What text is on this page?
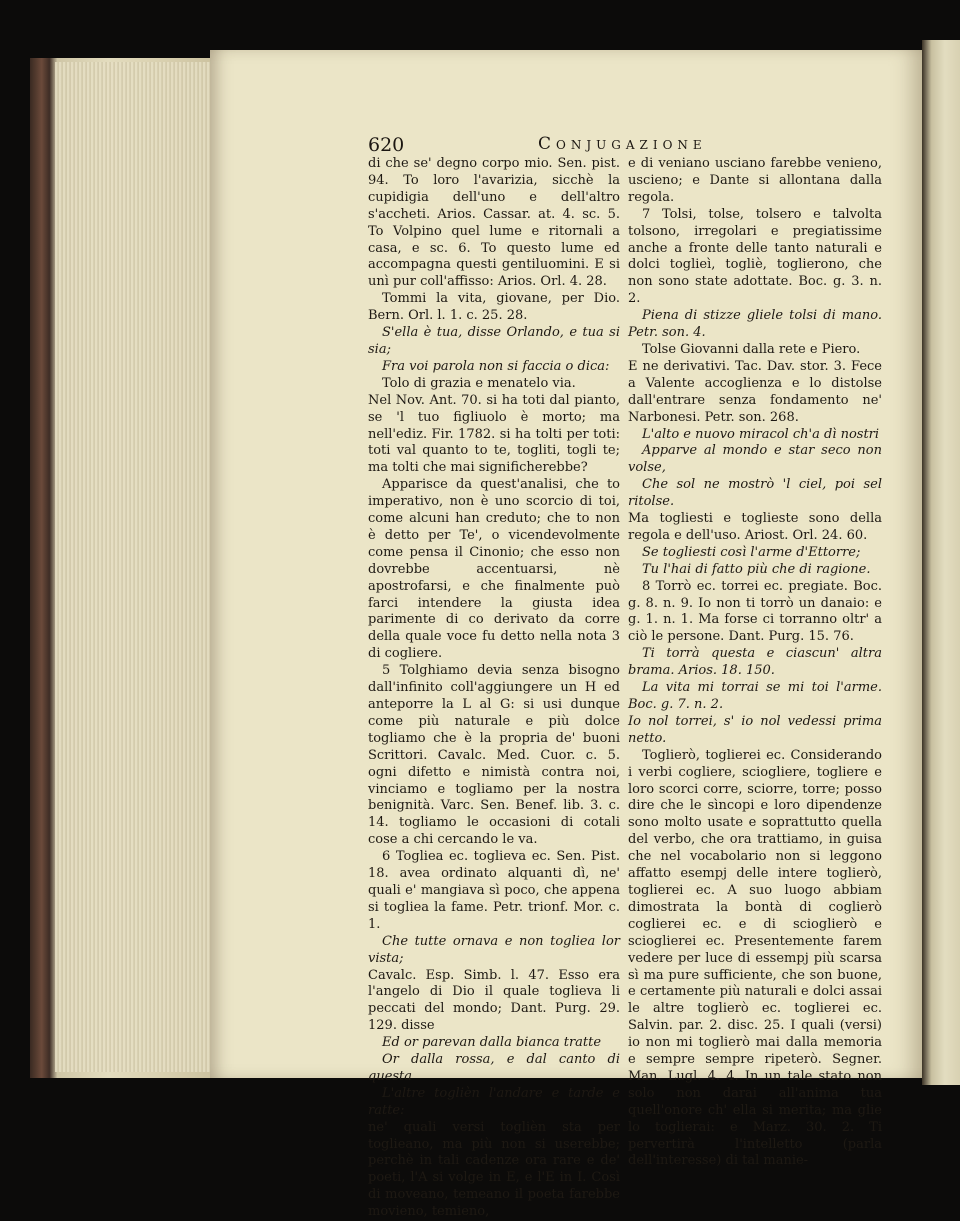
620	Conjugazione

di che se' degno corpo mio. Sen. pist. 94. To loro l'avarizia, sicchè la cupidigia dell'uno e dell'altro s'accheti. Arios. Cassar. at. 4. sc. 5. To Volpino quel lume e ritornali a casa, e sc. 6. To questo lume ed accompagna questi gentiluomini. E si unì pur coll'affisso: Arios. Orl. 4. 28.

Tommi la vita, giovane, per Dio. Bern. Orl. l. 1. c. 25. 28.

S'ella è tua, disse Orlando, e tua si sia;

Fra voi parola non si faccia o dica:

Tolo di grazia e menatelo via.

Nel Nov. Ant. 70. si ha toti dal pianto, se 'l tuo figliuolo è morto; ma nell'ediz. Fir. 1782. si ha tolti per toti: toti val quanto to te, togliti, togli te; ma tolti che mai significherebbe?

Apparisce da quest'analisi, che to imperativo, non è uno scorcio di toi, come alcuni han creduto; che to non è detto per Te', o vicendevolmente come pensa il Cinonio; che esso non dovrebbe accentuarsi, nè apostrofarsi, e che finalmente può farci intendere la giusta idea parimente di co derivato da corre della quale voce fu detto nella nota 3 di cogliere.

5 Tolghiamo devia senza bisogno dall'infinito coll'aggiungere un H ed anteporre la L al G: si usi dunque come più naturale e più dolce togliamo che è la propria de' buoni Scrittori. Cavalc. Med. Cuor. c. 5. ogni difetto e nimistà contra noi, vinciamo e togliamo per la nostra benignità. Varc. Sen. Benef. lib. 3. c. 14. togliamo le occasioni di cotali cose a chi cercando le va.

6 Togliea ec. toglieva ec. Sen. Pist. 18. avea ordinato alquanti dì, ne' quali e' mangiava sì poco, che appena si togliea la fame. Petr. trionf. Mor. c. 1.

Che tutte ornava e non togliea lor vista;

Cavalc. Esp. Simb. l. 47. Esso era l'angelo di Dio il quale toglieva li peccati del mondo; Dant. Purg. 29. 129. disse

Ed or parevan dalla bianca tratte

Or dalla rossa, e dal canto di questa

L'altre toglièn l'andare e tarde e ratte:

ne' quali versi toglièn sta per toglieano, ma più non si userebbe; perchè in tali cadenze ora rare e de' poeti, l'A si volge in E, e l'E in I. Così di moveano, temeano il poeta farebbe movieno, temieno,

e di veniano usciano farebbe venieno, uscieno; e Dante si allontana dalla regola.

7 Tolsi, tolse, tolsero e talvolta tolsono, irregolari e pregiatissime anche a fronte delle tanto naturali e dolci toglieì, togliè, toglierono, che non sono state adottate. Boc. g. 3. n. 2.

Piena di stizze gliele tolsi di mano. Petr. son. 4.

Tolse Giovanni dalla rete e Piero.

E ne derivativi. Tac. Dav. stor. 3. Fece a Valente accoglienza e lo distolse dall'entrare senza fondamento ne' Narbonesi. Petr. son. 268.

L'alto e nuovo miracol ch'a dì nostri

Apparve al mondo e star seco non volse,

Che sol ne mostrò 'l ciel, poi sel ritolse.

Ma togliesti e toglieste sono della regola e dell'uso. Ariost. Orl. 24. 60.

Se togliesti così l'arme d'Ettorre;

Tu l'hai di fatto più che di ragione.

8 Torrò ec. torrei ec. pregiate. Boc. g. 8. n. 9. Io non ti torrò un danaio: e g. 1. n. 1. Ma forse ci torranno oltr' a ciò le persone. Dant. Purg. 15. 76.

Ti torrà questa e ciascun' altra brama. Arios. 18. 150.

La vita mi torrai se mi toi l'arme. Boc. g. 7. n. 2.

Io nol torrei, s' io nol vedessi prima netto.

Toglierò, toglierei ec. Considerando i verbi cogliere, sciogliere, togliere e loro scorci corre, sciorre, torre; posso dire che le sìncopi e loro dipendenze sono molto usate e soprattutto quella del verbo, che ora trattiamo, in guisa che nel vocabolario non si leggono affatto esempj delle intere toglierò, toglierei ec. A suo luogo abbiam dimostrata la bontà di coglierò coglierei ec. e di scioglierò e scioglierei ec. Presentemente farem vedere per luce di essempj più scarsa sì ma pure sufficiente, che son buone, e certamente più naturali e dolci assai le altre toglierò ec. toglierei ec. Salvin. par. 2. disc. 25. I quali (versi) io non mi toglierò mai dalla memoria e sempre sempre ripeterò. Segner. Man. Lugl. 4. 4. In un tale stato non solo non darai all'anima tua quell'onore ch' ella si merita; ma glie lo toglierai: e Marz. 30. 2. Ti pervertirà l'intelletto (parla dell'interesse) di tal manie-
